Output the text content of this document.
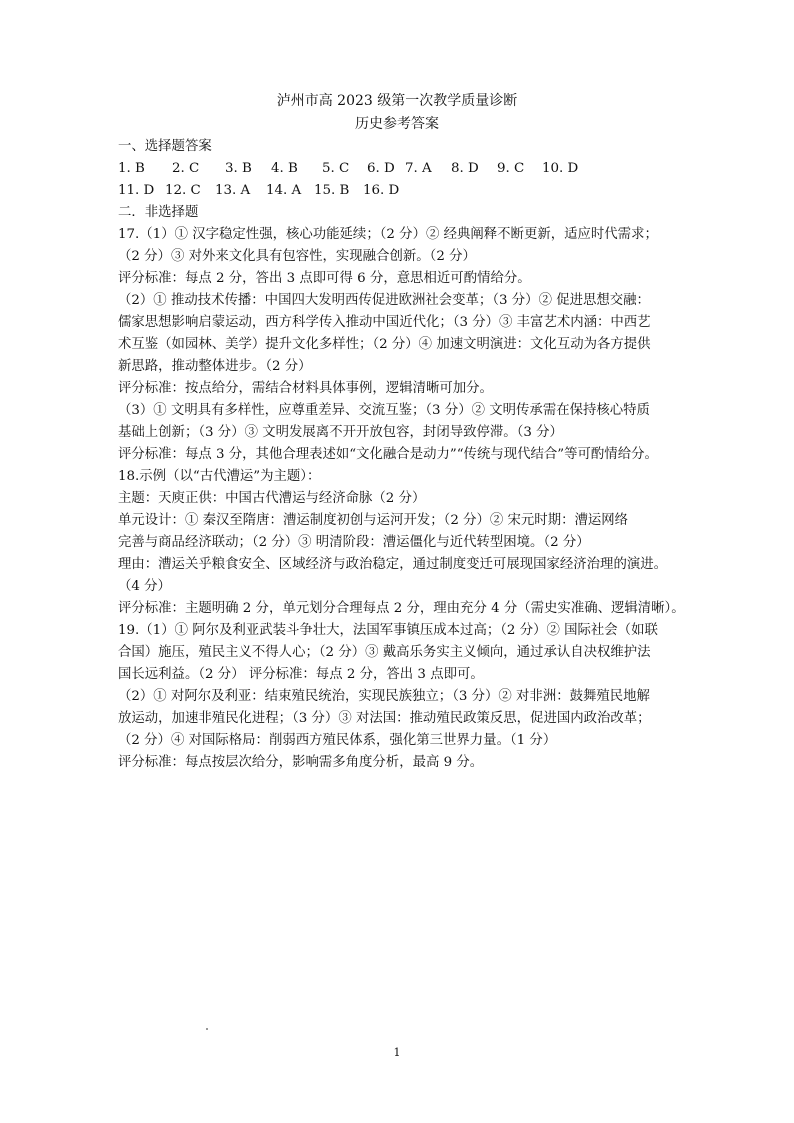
泸州市高 2023 级第一次教学质量诊断
历史参考答案
一、选择题答案
1. B 2. C 3. B 4. B 5. C 6. D 7. A 8. D 9. C 10. D
11. D 12. C 13. A 14. A 15. B 16. D
二．非选择题
17.（1）① 汉字稳定性强，核心功能延续；（2 分）② 经典阐释不断更新，适应时代需求；
（2 分）③ 对外来文化具有包容性，实现融合创新。（2 分）
评分标准：每点 2 分，答出 3 点即可得 6 分，意思相近可酌情给分。
（2）① 推动技术传播：中国四大发明西传促进欧洲社会变革；（3 分）② 促进思想交融：
儒家思想影响启蒙运动，西方科学传入推动中国近代化；（3 分）③ 丰富艺术内涵：中西艺
术互鉴（如园林、美学）提升文化多样性；（2 分）④ 加速文明演进：文化互动为各方提供
新思路，推动整体进步。（2 分）
评分标准：按点给分，需结合材料具体事例，逻辑清晰可加分。
（3）① 文明具有多样性，应尊重差异、交流互鉴；（3 分）② 文明传承需在保持核心特质
基础上创新；（3 分）③ 文明发展离不开开放包容，封闭导致停滞。（3 分）
评分标准：每点 3 分，其他合理表述如“文化融合是动力”“传统与现代结合”等可酌情给分。
18.示例（以“古代漕运”为主题）：
主题：天庾正供：中国古代漕运与经济命脉（2 分）
单元设计：① 秦汉至隋唐：漕运制度初创与运河开发；（2 分）② 宋元时期：漕运网络
完善与商品经济联动；（2 分）③ 明清阶段：漕运僵化与近代转型困境。（2 分）
理由：漕运关乎粮食安全、区域经济与政治稳定，通过制度变迁可展现国家经济治理的演进。
（4 分）
评分标准：主题明确 2 分，单元划分合理每点 2 分，理由充分 4 分（需史实准确、逻辑清晰）。
19.（1）① 阿尔及利亚武装斗争壮大，法国军事镇压成本过高；（2 分）② 国际社会（如联
合国）施压，殖民主义不得人心；（2 分）③ 戴高乐务实主义倾向，通过承认自决权维护法
国长远利益。（2 分） 评分标准：每点 2 分，答出 3 点即可。
（2）① 对阿尔及利亚：结束殖民统治，实现民族独立；（3 分）② 对非洲：鼓舞殖民地解
放运动，加速非殖民化进程；（3 分）③ 对法国：推动殖民政策反思，促进国内政治改革；
（2 分）④ 对国际格局：削弱西方殖民体系，强化第三世界力量。（1 分）
评分标准：每点按层次给分，影响需多角度分析，最高 9 分。
1
